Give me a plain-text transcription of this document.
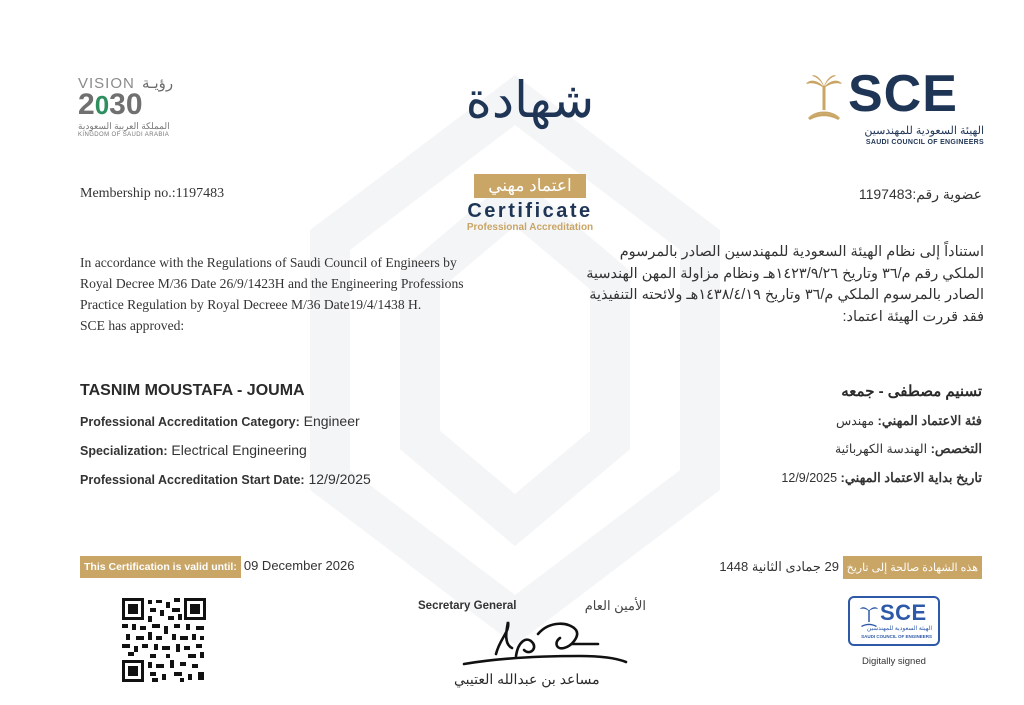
VISION رؤيـة
2030
المملكة العربية السعودية
KINGDOM OF SAUDI ARABIA
SCE
الهيئة السعودية للمهندسين
SAUDI COUNCIL OF ENGINEERS
شهادة
اعتماد مهني
Certificate
Professional Accreditation
Membership no.:1197483	عضوية رقم:1197483
In accordance with the Regulations of Saudi Council of Engineers by
Royal Decree M/36 Date 26/9/1423H and the Engineering Professions
Practice Regulation by Royal Decreee M/36 Date19/4/1438 H.
SCE has approved:
استناداً إلى نظام الهيئة السعودية للمهندسين الصادر بالمرسوم
الملكي رقم م/٣٦ وتاريخ ١٤٢٣/٩/٢٦هـ ونظام مزاولة المهن الهندسية
الصادر بالمرسوم الملكي م/٣٦ وتاريخ ١٤٣٨/٤/١٩هـ ولائحته التنفيذية
فقد قررت الهيئة اعتماد:
TASNIM MOUSTAFA - JOUMA	تسنيم مصطفى - جمعه
Professional Accreditation Category: Engineer
Specialization: Electrical Engineering
Professional Accreditation Start Date: 12/9/2025
فئة الاعتماد المهني: مهندس
التخصص: الهندسة الكهربائية
تاريخ بداية الاعتماد المهني: 12/9/2025
This Certification is valid until: 09 December 2026	هذه الشهادة صالحة إلى تاريخ 29 جمادى الثانية 1448
Secretary General	الأمين العام
مساعد بن عبدالله العتيبي
SCE
الهيئة السعودية للمهندسين
SAUDI COUNCIL OF ENGINEERS
Digitally signed
